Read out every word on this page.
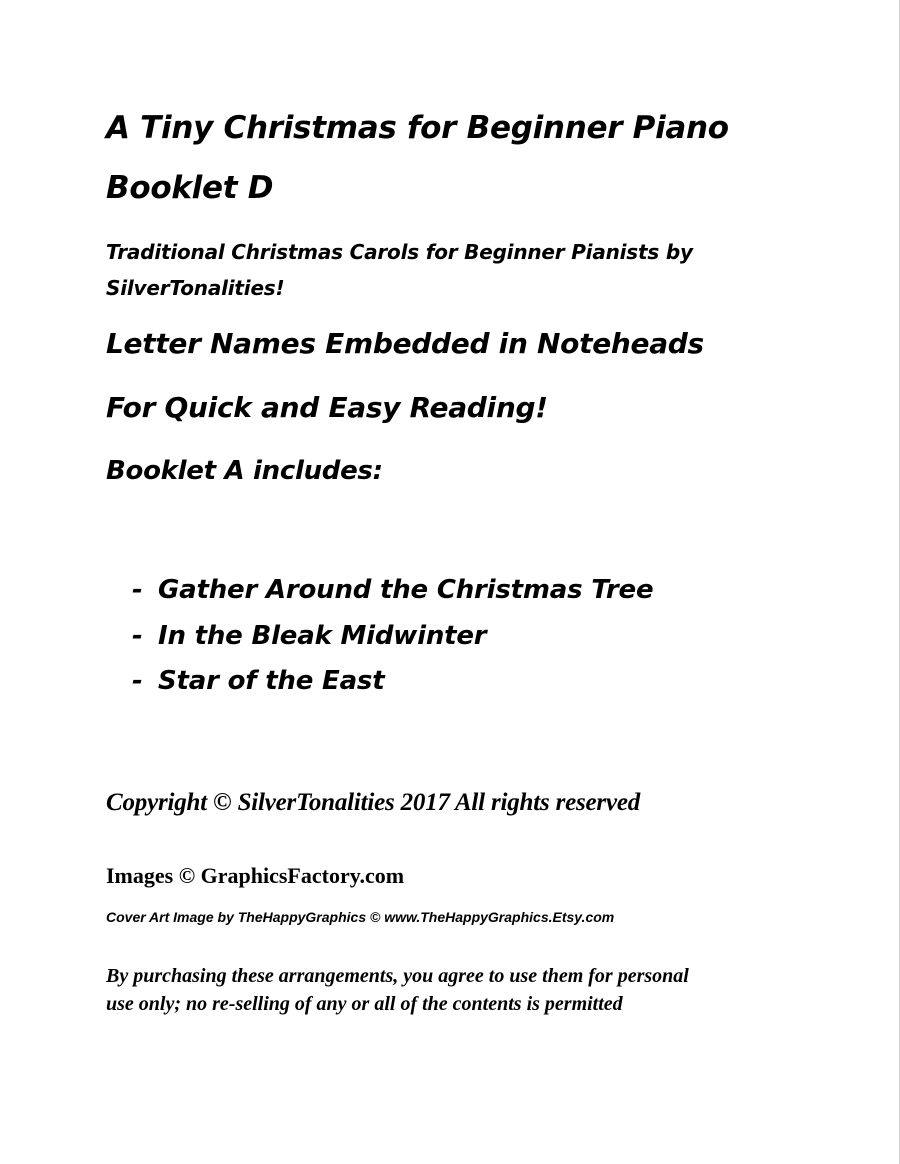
A Tiny Christmas for Beginner Piano
Booklet D
Traditional Christmas Carols for Beginner Pianists by
SilverTonalities!
Letter Names Embedded in Noteheads
For Quick and Easy Reading!
Booklet A includes:
- Gather Around the Christmas Tree
- In the Bleak Midwinter
- Star of the East
Copyright © SilverTonalities 2017 All rights reserved
Images © GraphicsFactory.com
Cover Art Image by TheHappyGraphics © www.TheHappyGraphics.Etsy.com
By purchasing these arrangements, you agree to use them for personal
use only; no re-selling of any or all of the contents is permitted
